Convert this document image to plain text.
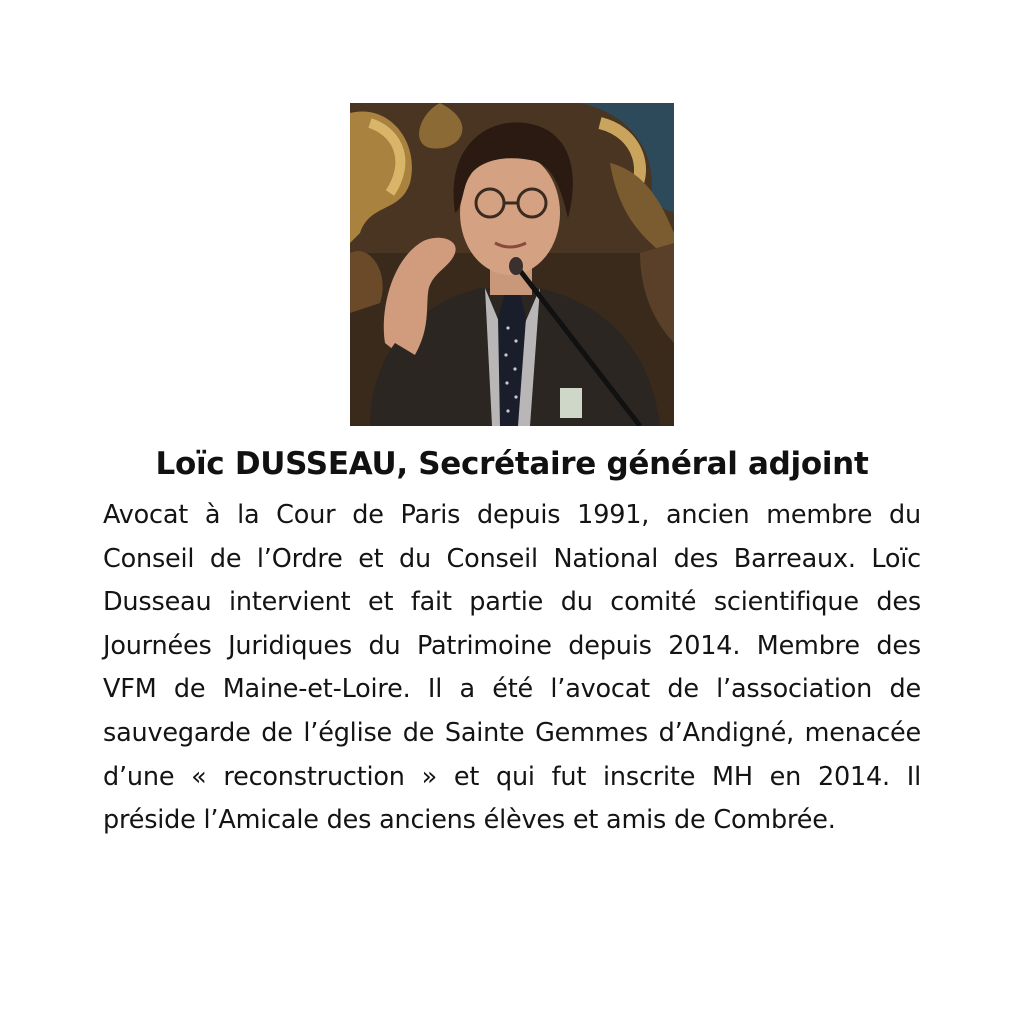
Loïc DUSSEAU, Secrétaire général adjoint

Avocat à la Cour de Paris depuis 1991, ancien membre du Conseil de l’Ordre et du Conseil National des Barreaux. Loïc Dusseau intervient et fait partie du comité scientifique des Journées Juridiques du Patrimoine depuis 2014. Membre des VFM de Maine-et-Loire. Il a été l’avocat de l’association de sauvegarde de l’église de Sainte Gemmes d’Andigné, menacée d’une « reconstruction » et qui fut inscrite MH en 2014. Il préside l’Amicale des anciens élèves et amis de Combrée.
